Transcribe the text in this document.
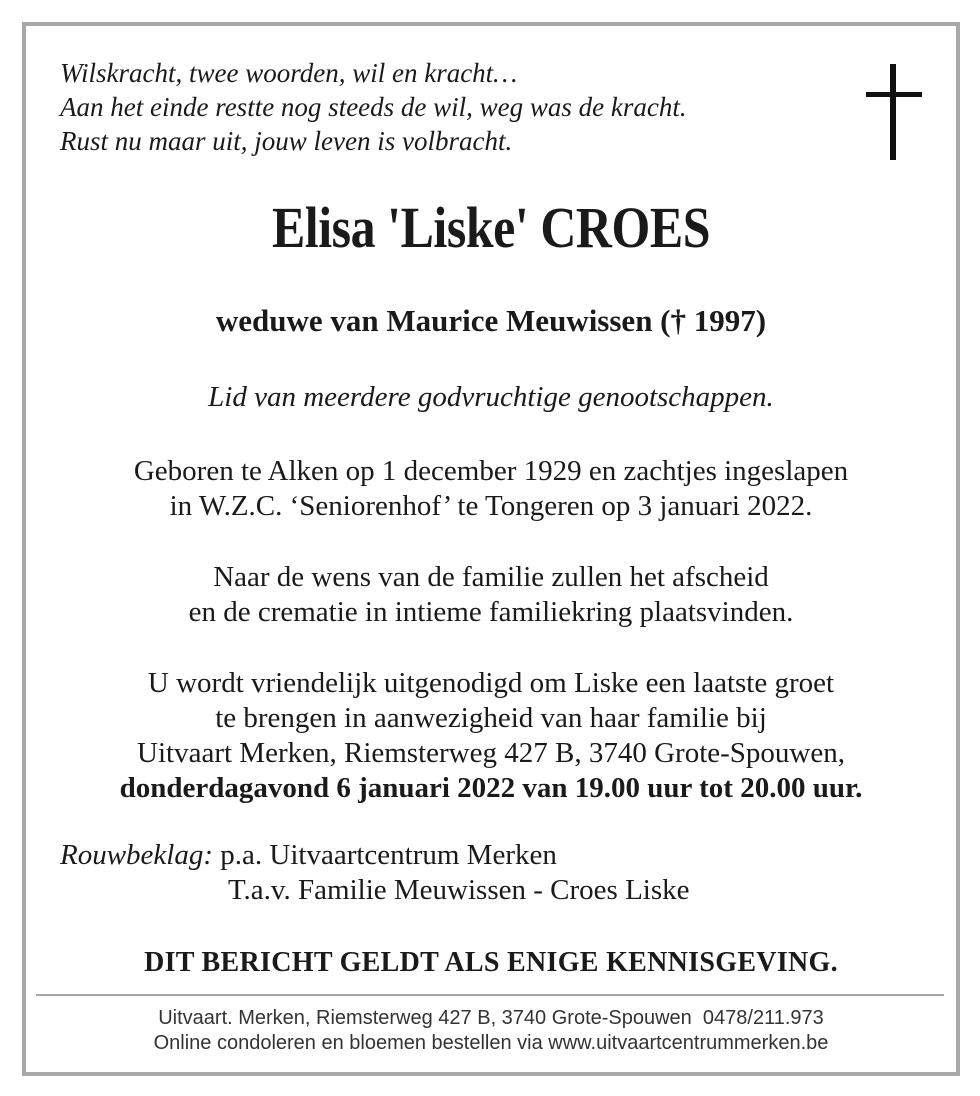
Wilskracht, twee woorden, wil en kracht…
Aan het einde restte nog steeds de wil, weg was de kracht.
Rust nu maar uit, jouw leven is volbracht.
Elisa 'Liske' CROES
weduwe van Maurice Meuwissen († 1997)
Lid van meerdere godvruchtige genootschappen.
Geboren te Alken op 1 december 1929 en zachtjes ingeslapen
in W.Z.C. ‘Seniorenhof’ te Tongeren op 3 januari 2022.
Naar de wens van de familie zullen het afscheid
en de crematie in intieme familiekring plaatsvinden.
U wordt vriendelijk uitgenodigd om Liske een laatste groet
te brengen in aanwezigheid van haar familie bij
Uitvaart Merken, Riemsterweg 427 B, 3740 Grote-Spouwen,
donderdagavond 6 januari 2022 van 19.00 uur tot 20.00 uur.
Rouwbeklag: p.a. Uitvaartcentrum Merken
T.a.v. Familie Meuwissen - Croes Liske
DIT BERICHT GELDT ALS ENIGE KENNISGEVING.
Uitvaart. Merken, Riemsterweg 427 B, 3740 Grote-Spouwen  0478/211.973
Online condoleren en bloemen bestellen via www.uitvaartcentrummerken.be
